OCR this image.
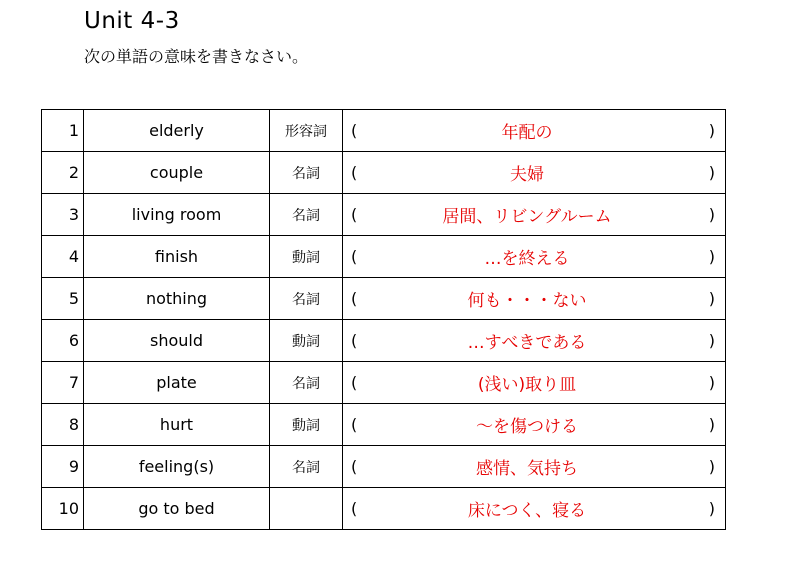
Unit 4-3
次の単語の意味を書きなさい。
1	elderly	形容詞	( 年配の )

2	couple	名詞	( 夫婦 )

3	living room	名詞	( 居間、リビングルーム )

4	finish	動詞	( …を終える )

5	nothing	名詞	( 何も・・・ない )

6	should	動詞	( …すべきである )

7	plate	名詞	( (浅い)取り皿 )

8	hurt	動詞	( ～を傷つける )

9	feeling(s)	名詞	( 感情、気持ち )

10	go to bed		( 床につく、寝る )
